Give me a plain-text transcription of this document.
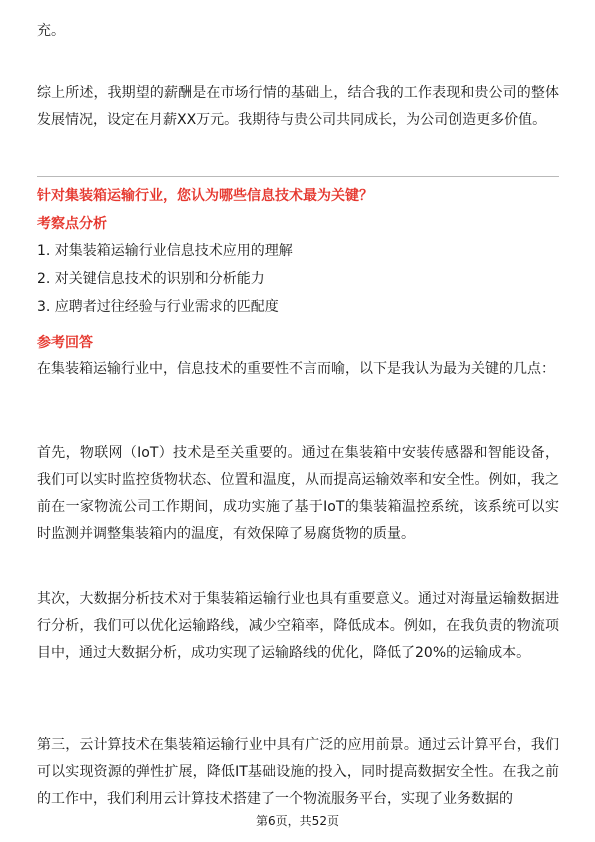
充。

综上所述，我期望的薪酬是在市场行情的基础上，结合我的工作表现和贵公司的整体发展情况，设定在月薪XX万元。我期待与贵公司共同成长，为公司创造更多价值。

针对集装箱运输行业，您认为哪些信息技术最为关键？

考察点分析

1. 对集装箱运输行业信息技术应用的理解

2. 对关键信息技术的识别和分析能力

3. 应聘者过往经验与行业需求的匹配度

参考回答

在集装箱运输行业中，信息技术的重要性不言而喻，以下是我认为最为关键的几点：

首先，物联网（IoT）技术是至关重要的。通过在集装箱中安装传感器和智能设备，我们可以实时监控货物状态、位置和温度，从而提高运输效率和安全性。例如，我之前在一家物流公司工作期间，成功实施了基于IoT的集装箱温控系统，该系统可以实时监测并调整集装箱内的温度，有效保障了易腐货物的质量。

其次，大数据分析技术对于集装箱运输行业也具有重要意义。通过对海量运输数据进行分析，我们可以优化运输路线，减少空箱率，降低成本。例如，在我负责的物流项目中，通过大数据分析，成功实现了运输路线的优化，降低了20%的运输成本。

第三，云计算技术在集装箱运输行业中具有广泛的应用前景。通过云计算平台，我们可以实现资源的弹性扩展，降低IT基础设施的投入，同时提高数据安全性。在我之前的工作中，我们利用云计算技术搭建了一个物流服务平台，实现了业务数据的

第6页，共52页
